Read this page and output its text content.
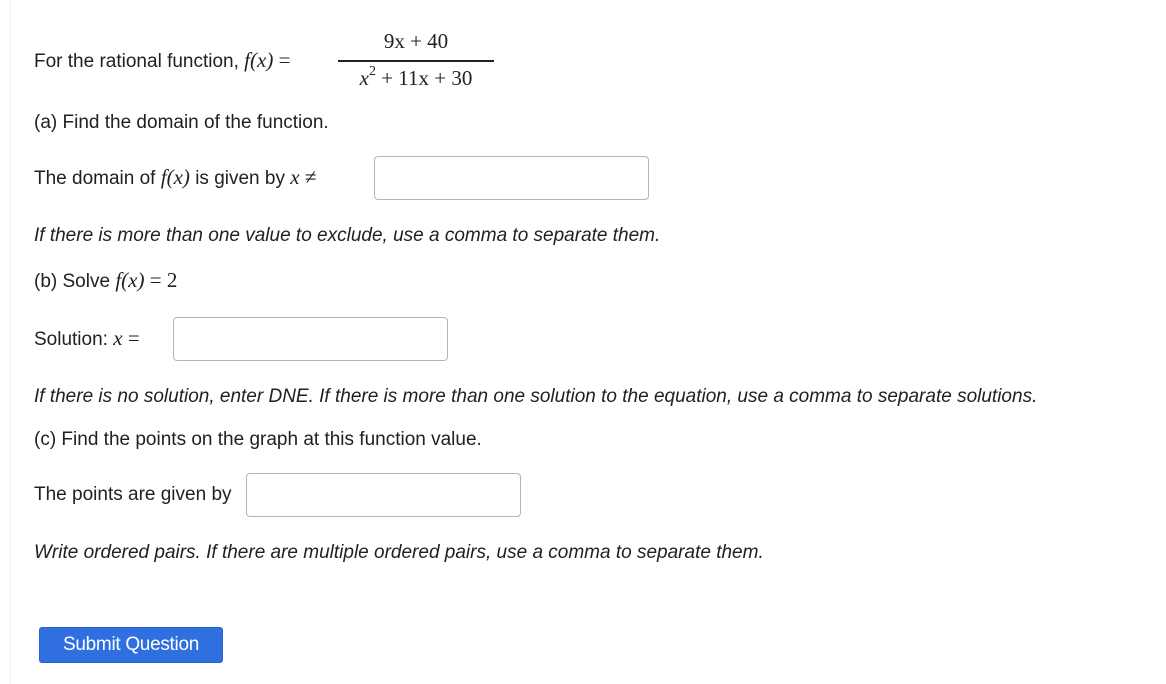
For the rational function, f(x) =
9x + 40
$x^2 + 11x + 30$
(a) Find the domain of the function.
The domain of f(x) is given by x ≠
If there is more than one value to exclude, use a comma to separate them.
(b) Solve f(x) = 2
Solution: x =
If there is no solution, enter DNE. If there is more than one solution to the equation, use a comma to separate solutions.
(c) Find the points on the graph at this function value.
The points are given by
Write ordered pairs. If there are multiple ordered pairs, use a comma to separate them.
Submit Question
